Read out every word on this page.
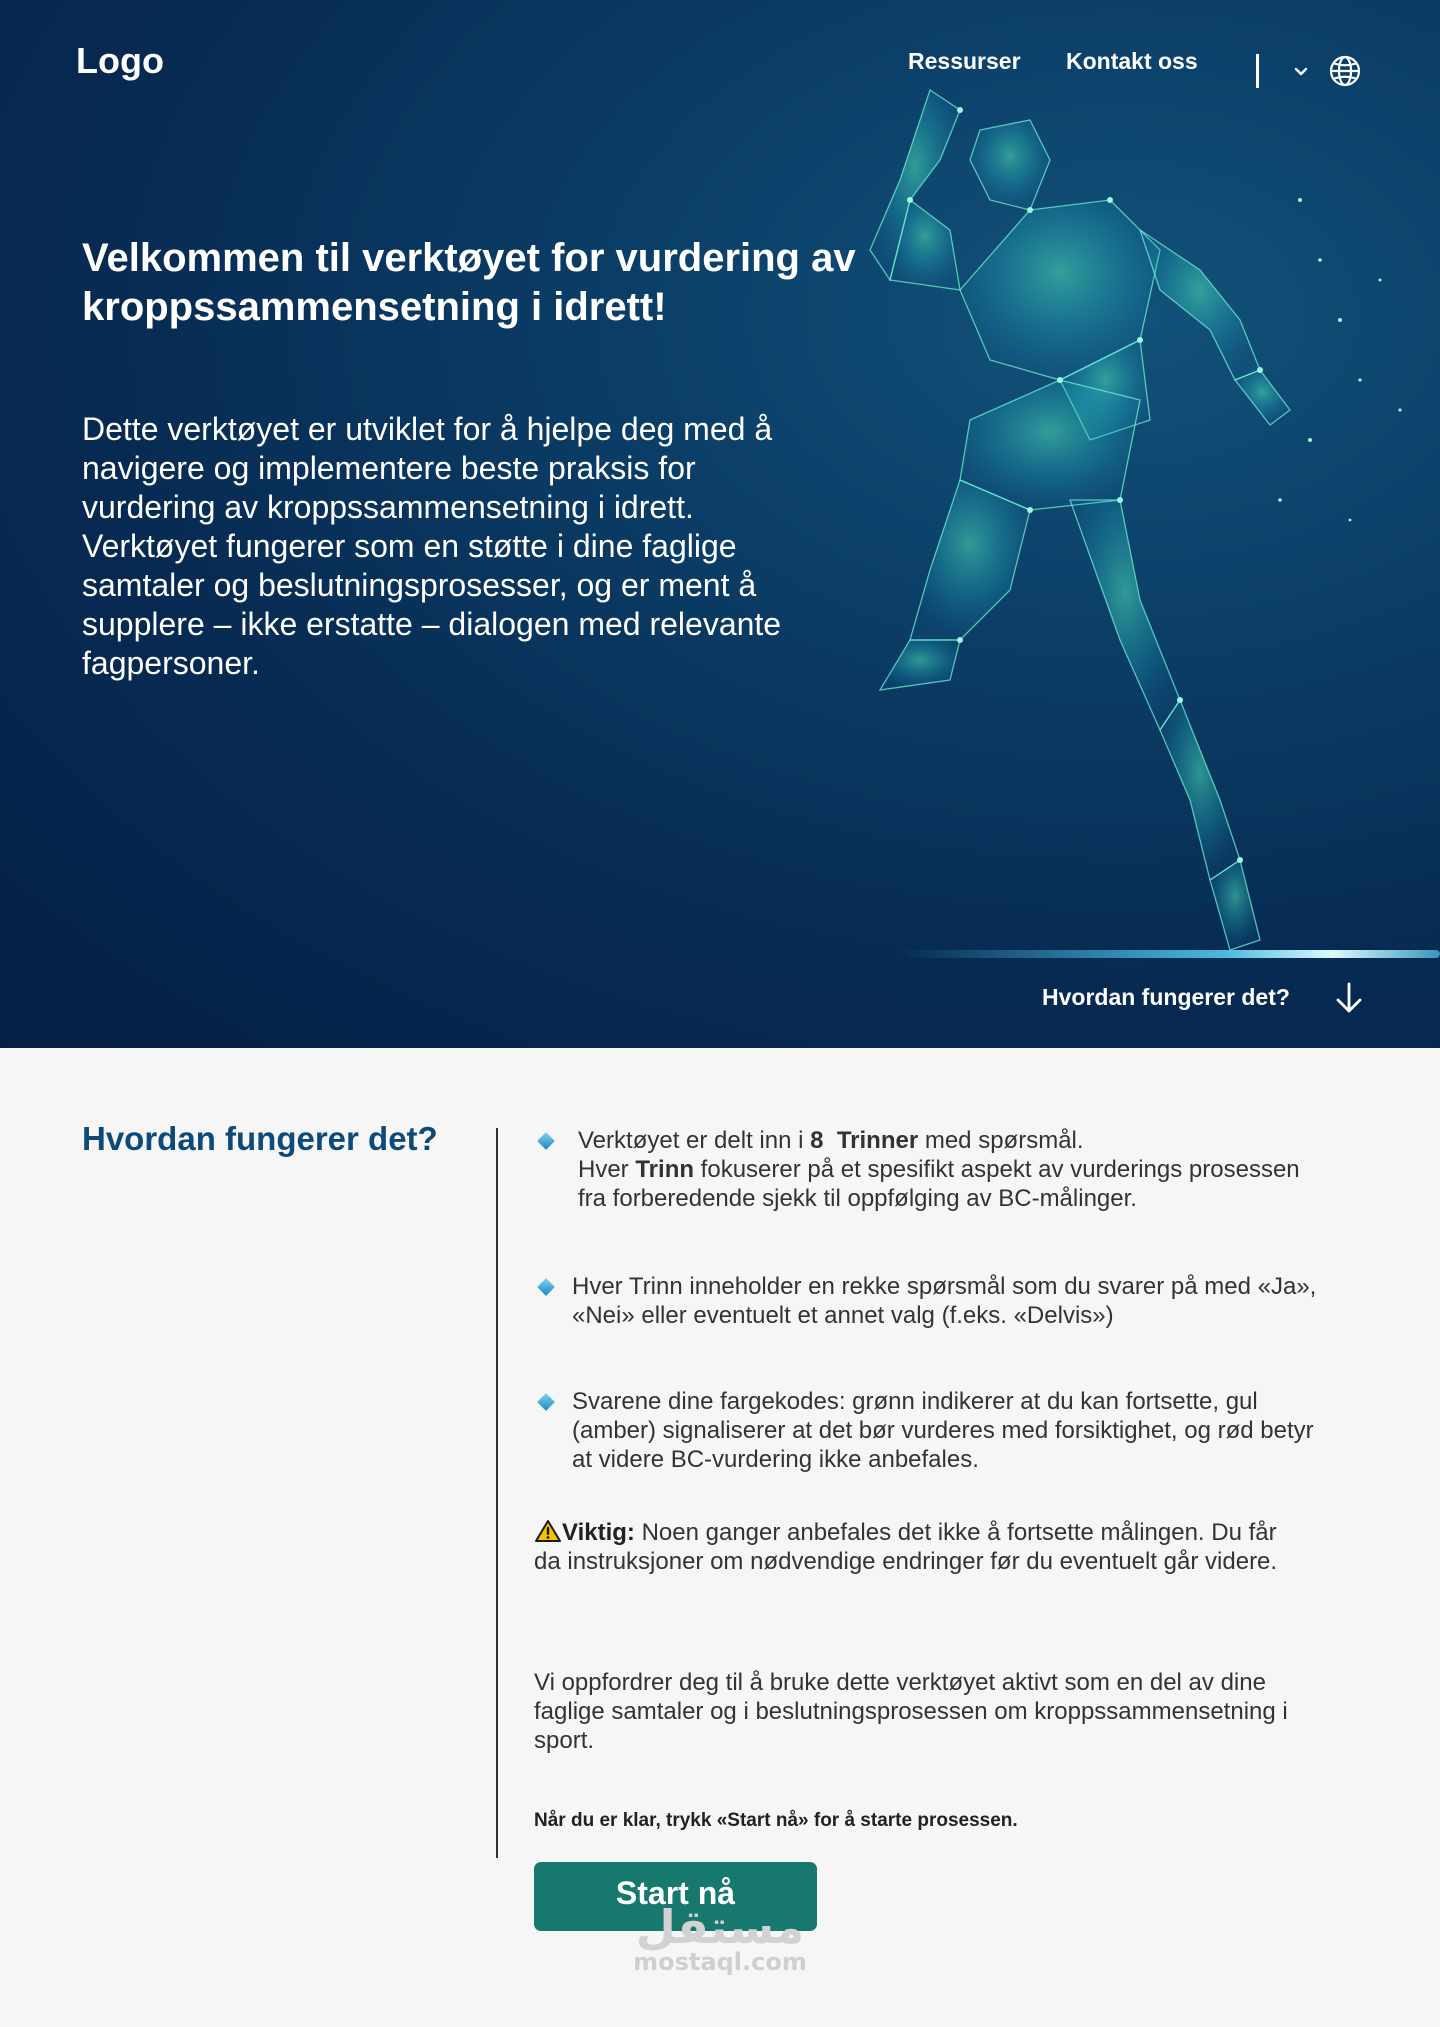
Logo	Ressurser Kontakt oss
Velkommen til verktøyet for vurdering av kroppssammensetning i idrett!

Dette verktøyet er utviklet for å hjelpe deg med å navigere og implementere beste praksis for vurdering av kroppssammensetning i idrett. Verktøyet fungerer som en støtte i dine faglige samtaler og beslutningsprosesser, og er ment å supplere – ikke erstatte – dialogen med relevante fagpersoner.

Hvordan fungerer det?
Hvordan fungerer det?	Verktøyet er delt inn i 8 Trinner med spørsmål.
Hver Trinn fokuserer på et spesifikt aspekt av vurderings prosessen fra forberedende sjekk til oppfølging av BC-målinger.
Hver Trinn inneholder en rekke spørsmål som du svarer på med «Ja», «Nei» eller eventuelt et annet valg (f.eks. «Delvis»)
Svarene dine fargekodes: grønn indikerer at du kan fortsette, gul (amber) signaliserer at det bør vurderes med forsiktighet, og rød betyr at videre BC-vurdering ikke anbefales.

Viktig: Noen ganger anbefales det ikke å fortsette målingen. Du får da instruksjoner om nødvendige endringer før du eventuelt går videre.

Vi oppfordrer deg til å bruke dette verktøyet aktivt som en del av dine faglige samtaler og i beslutningsprosessen om kroppssammensetning i sport.

Når du er klar, trykk «Start nå» for å starte prosessen.

Start nå
مستقل
mostaql.com
